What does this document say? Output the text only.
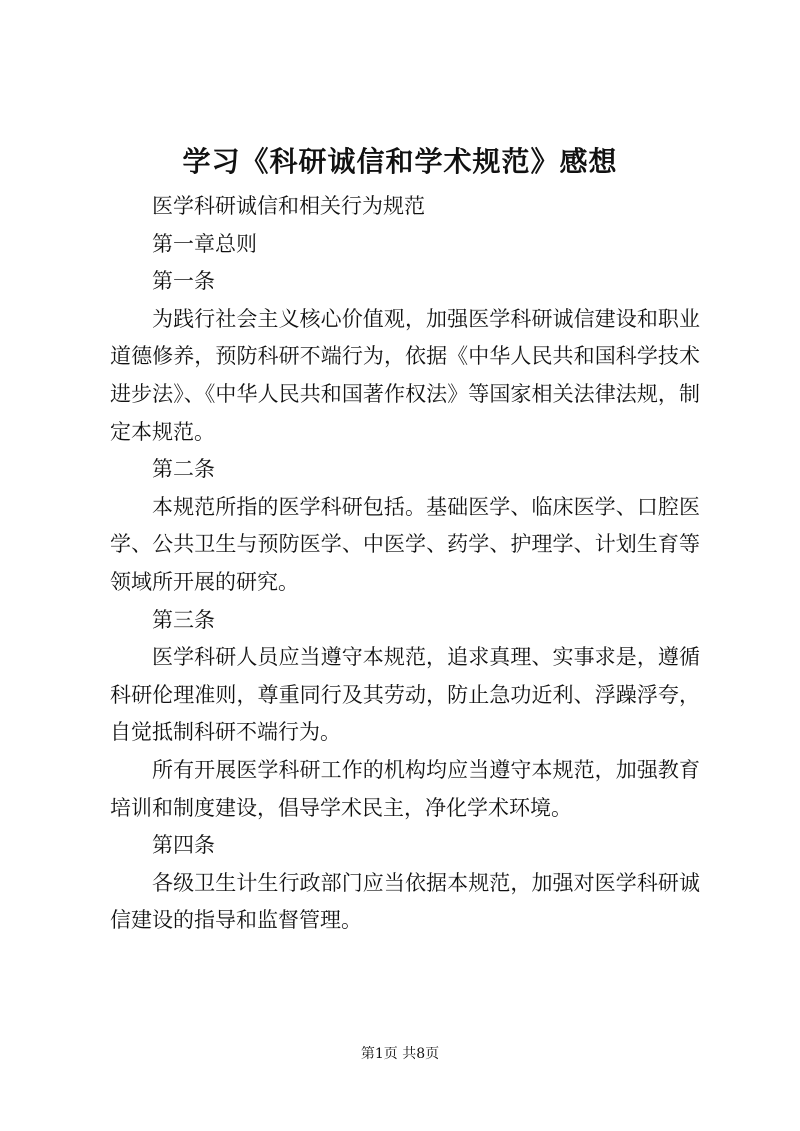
学习《科研诚信和学术规范》感想

医学科研诚信和相关行为规范

第一章总则

第一条

为践行社会主义核心价值观，加强医学科研诚信建设和职业道德修养，预防科研不端行为，依据《中华人民共和国科学技术进步法》、《中华人民共和国著作权法》等国家相关法律法规，制定本规范。

第二条

本规范所指的医学科研包括。基础医学、临床医学、口腔医学、公共卫生与预防医学、中医学、药学、护理学、计划生育等领域所开展的研究。

第三条

医学科研人员应当遵守本规范，追求真理、实事求是，遵循科研伦理准则，尊重同行及其劳动，防止急功近利、浮躁浮夸，自觉抵制科研不端行为。

所有开展医学科研工作的机构均应当遵守本规范，加强教育培训和制度建设，倡导学术民主，净化学术环境。

第四条

各级卫生计生行政部门应当依据本规范，加强对医学科研诚信建设的指导和监督管理。

第1页 共8页
